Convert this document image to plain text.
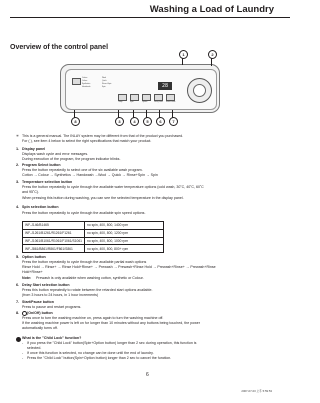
Washing a Load of Laundry
Overview of the control panel
Cotton
Colour
Synthetics
Handwash
Wool
Quick
Rinse+Spin
Spin
Temp	Spin	Option	Delay Start Start/Pause
28
1	2
3	4	5	6	7
8
✳ This is a general manual. The INLAY system may be different from that of the product you purchased.
For ( ), see item 4 below to select the right specifications that match your product.
1. Display panel
Displays wash cycle and error messages.
During execution of the program, the program indicator blinks.
2. Program Select button
Press the button repeatedly to select one of the six available wash program.
Cotton → Colour → Synthetics → Handwash →Wool → Quick → Rinse+Spin → Spin
3. Temperature selection button
Press the button repeatedly to cycle through the available water temperature options (cold wash, 30˚C, 40˚C, 60˚C
and 95˚C).
When pressing this button during washing, you can see the selected temperature in the display panel.
4. Spin selection button
Press the button repeatedly to cycle through the available spin speed options.
WF-J146/B1465	no spin, 400, 800, 1400 rpm
WF-J1261/B1261/R1261/F1261	no spin, 400, 800, 1200 rpm
WF-J1061/B1061/R1061/F1061/S1061	no spin, 400, 800, 1000 rpm
WF-J861/B861/R861/F861/S861	no spin, 400, 800, 800+ rpm
5. Option button
Press the button repeatedly to cycle through the available partial wash options
Rinse Hold → Rinse+ → Rinse Hold+Rinse+ → Prewash → Prewash+Rinse Hold → Prewash+Rinse+ → Prewash+Rinse
Hold+Rinse+
Note: Prewash is only available when washing cotton, synthetic or Colour.
6. Delay Start selection button
Press this button repeatedly to rotate between the retarded start options available.
(from 3 hours to 24 hours, in 1 hour increments)
7. Start/Pause button
Press to pause and restart programs.
8. (On/Off) button
Press once to turn the washing machine on, press again to turn the washing machine off.
If the washing machine power is left on for longer than 10 minutes without any buttons being touched, the power
automatically turns off.
What is the "Child Lock" function?
- If you press the "Child Lock" button(Spin+Option button) longer than 2 sec during operation, this function is
selected.
- If once this function is selected, no change can be done until the end of laundry.
- Press the "Child Lock" button(Spin+Option button) longer than 2 sec to cancel the function.
6
2007-07-03 오후 5:59:53
